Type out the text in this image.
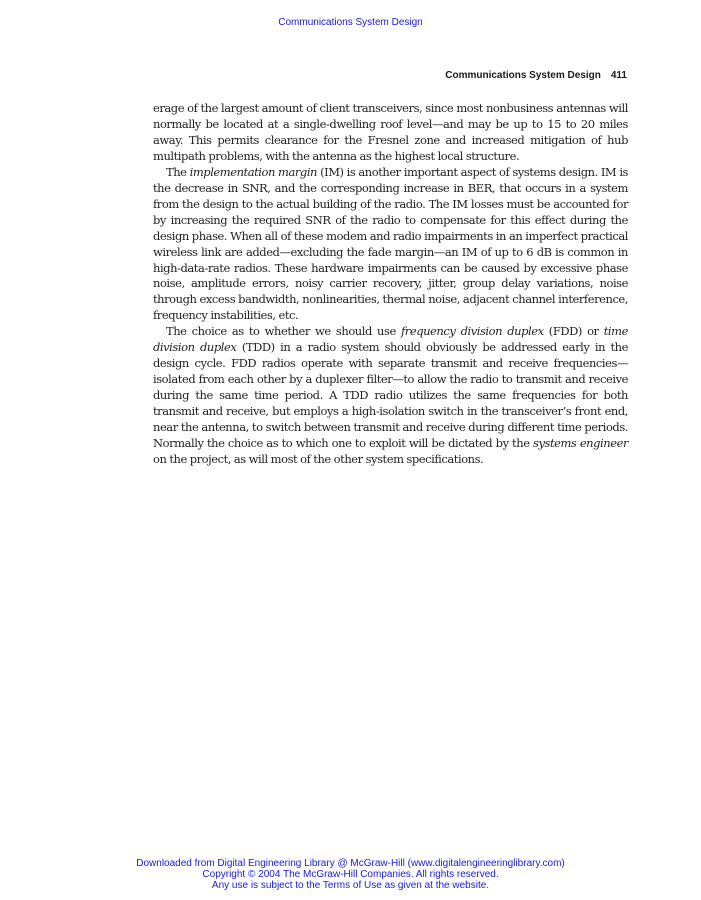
Communications System Design
Communications System Design 411

erage of the largest amount of client transceivers, since most nonbusiness antennas will normally be located at a single-dwelling roof level—and may be up to 15 to 20 miles away. This permits clearance for the Fresnel zone and increased mitigation of hub multipath problems, with the antenna as the highest local structure.

The implementation margin (IM) is another important aspect of systems design. IM is the decrease in SNR, and the corresponding increase in BER, that occurs in a system from the design to the actual building of the radio. The IM losses must be accounted for by increasing the required SNR of the radio to compensate for this effect during the design phase. When all of these modem and radio impairments in an imperfect practical wireless link are added—excluding the fade margin—an IM of up to 6 dB is common in high-data-rate radios. These hardware impairments can be caused by excessive phase noise, amplitude errors, noisy carrier recovery, jitter, group delay variations, noise through excess bandwidth, nonlinearities, thermal noise, adjacent channel interference, frequency instabilities, etc.

The choice as to whether we should use frequency division duplex (FDD) or time division duplex (TDD) in a radio system should obviously be addressed early in the design cycle. FDD radios operate with separate transmit and receive frequencies—isolated from each other by a duplexer filter—to allow the radio to transmit and receive during the same time period. A TDD radio utilizes the same frequencies for both transmit and receive, but employs a high-isolation switch in the transceiver’s front end, near the antenna, to switch between transmit and receive during different time periods. Normally the choice as to which one to exploit will be dictated by the systems engineer on the project, as will most of the other system specifications.

Downloaded from Digital Engineering Library @ McGraw-Hill (www.digitalengineeringlibrary.com)
Copyright © 2004 The McGraw-Hill Companies. All rights reserved.
Any use is subject to the Terms of Use as given at the website.
